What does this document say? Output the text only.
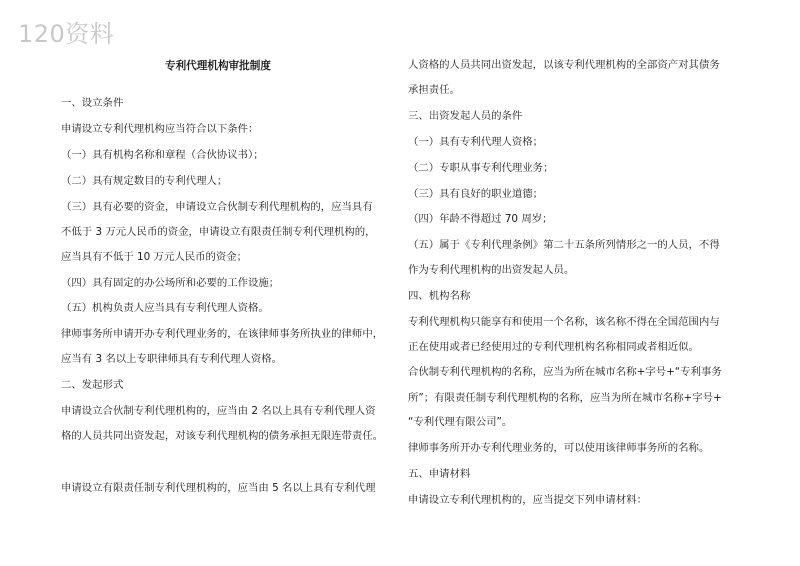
120资料
专利代理机构审批制度
一、设立条件
申请设立专利代理机构应当符合以下条件：
（一）具有机构名称和章程（合伙协议书）；
（二）具有规定数目的专利代理人；
（三）具有必要的资金，申请设立合伙制专利代理机构的，应当具有
不低于 3 万元人民币的资金，申请设立有限责任制专利代理机构的，
应当具有不低于 10 万元人民币的资金；
（四）具有固定的办公场所和必要的工作设施；
（五）机构负责人应当具有专利代理人资格。
律师事务所申请开办专利代理业务的，在该律师事务所执业的律师中，
应当有 3 名以上专职律师具有专利代理人资格。
二、发起形式
申请设立合伙制专利代理机构的，应当由 2 名以上具有专利代理人资
格的人员共同出资发起，对该专利代理机构的债务承担无限连带责任。
申请设立有限责任制专利代理机构的，应当由 5 名以上具有专利代理
人资格的人员共同出资发起，以该专利代理机构的全部资产对其债务
承担责任。
三、出资发起人员的条件
（一）具有专利代理人资格；
（二）专职从事专利代理业务；
（三）具有良好的职业道德；
（四）年龄不得超过 70 周岁；
（五）属于《专利代理条例》第二十五条所列情形之一的人员，不得
作为专利代理机构的出资发起人员。
四、机构名称
专利代理机构只能享有和使用一个名称，该名称不得在全国范围内与
正在使用或者已经使用过的专利代理机构名称相同或者相近似。
合伙制专利代理机构的名称，应当为所在城市名称+字号+“专利事务
所”；有限责任制专利代理机构的名称，应当为所在城市名称+字号+
“专利代理有限公司”。
律师事务所开办专利代理业务的，可以使用该律师事务所的名称。
五、申请材料
申请设立专利代理机构的，应当提交下列申请材料：
